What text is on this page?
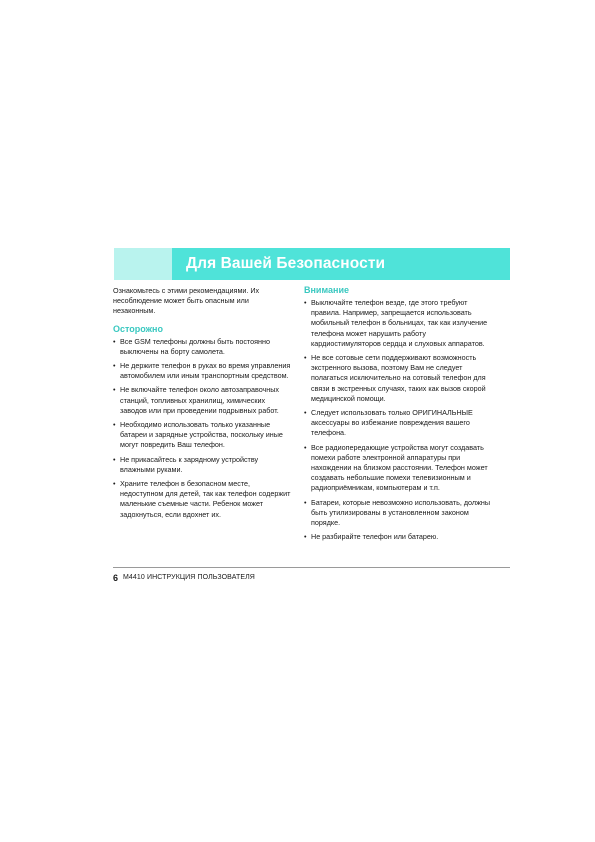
Для Вашей Безопасности

Ознакомьтесь с этими рекомендациями. Их несоблюдение может быть опасным или незаконным.

Осторожно
• Все GSM телефоны должны быть постоянно выключены на борту самолета.
• Не держите телефон в руках во время управления автомобилем или иным транспортным средством.
• Не включайте телефон около автозаправочных станций, топливных хранилищ, химических заводов или при проведении подрывных работ.
• Необходимо использовать только указанные батареи и зарядные устройства, поскольку иные могут повредить Ваш телефон.
• Не прикасайтесь к зарядному устройству влажными руками.
• Храните телефон в безопасном месте, недоступном для детей, так как телефон содержит маленькие съемные части. Ребенок может задохнуться, если вдохнет их.
Внимание
• Выключайте телефон везде, где этого требуют правила. Например, запрещается использовать мобильный телефон в больницах, так как излучение телефона может нарушить работу кардиостимуляторов сердца и слуховых аппаратов.
• Не все сотовые сети поддерживают возможность экстренного вызова, поэтому Вам не следует полагаться исключительно на сотовый телефон для связи в экстренных случаях, таких как вызов скорой медицинской помощи.
• Следует использовать только ОРИГИНАЛЬНЫЕ аксессуары во избежание повреждения вашего телефона.
• Все радиопередающие устройства могут создавать помехи работе электронной аппаратуры при нахождении на близком расстоянии. Телефон может создавать небольшие помехи телевизионным и радиоприёмникам, компьютерам и т.п.
• Батареи, которые невозможно использовать, должны быть утилизированы в установленном законом порядке.
• Не разбирайте телефон или батарею.
6 M4410 ИНСТРУКЦИЯ ПОЛЬЗОВАТЕЛЯ
